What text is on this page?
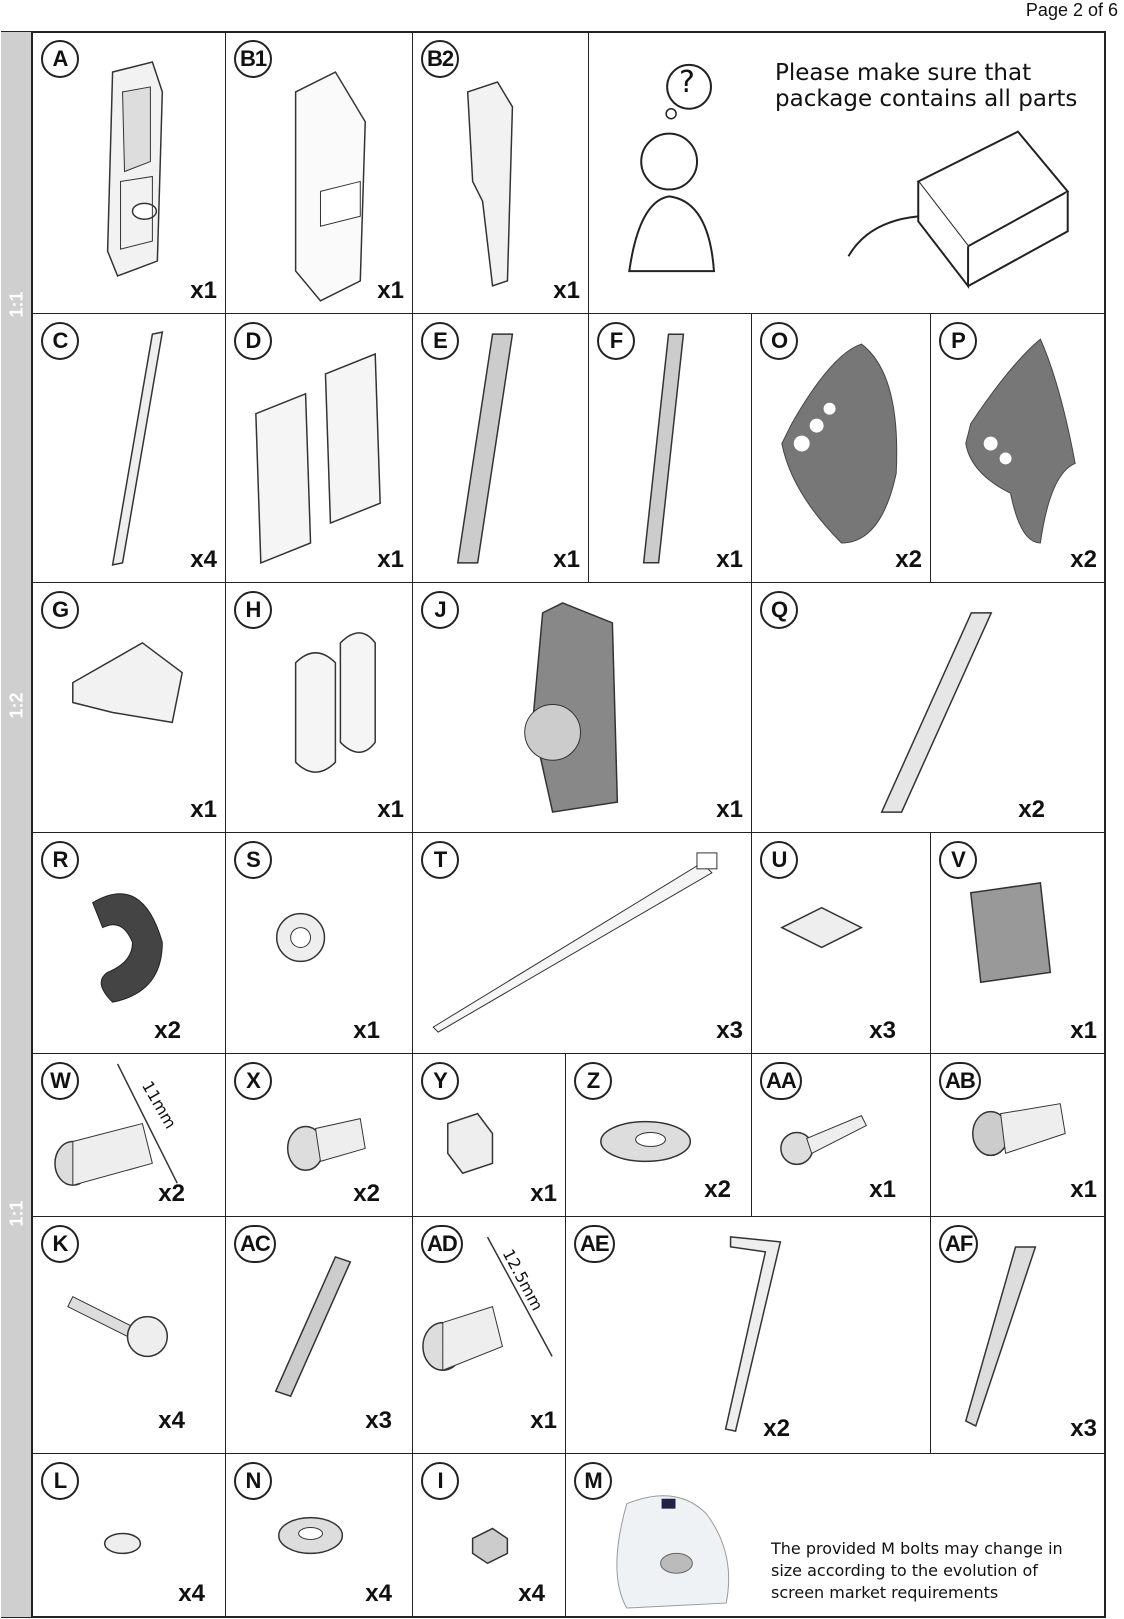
Page 2 of 6
1:1
1:2
1:1
A
x1
B1
x1
B2
x1
?	Please make sure that package contains all parts
C
x4
D
x1
E
x1
F
x1
O
x2
P
x2
G
x1
H
x1
J
x1
Q
x2
R
x2
S
x1
T
x3
U
x3
V
x1
11mm
W
x2
X
x2
Y
x1
Z
x2
AA
x1
AB
x1
K
x4
AC
x3
12.5mm
AD
x1
AE
x2
AF
x3
L
x4
N
x4
I
x4
M
The provided M bolts may change in size according to the evolution of screen market requirements
